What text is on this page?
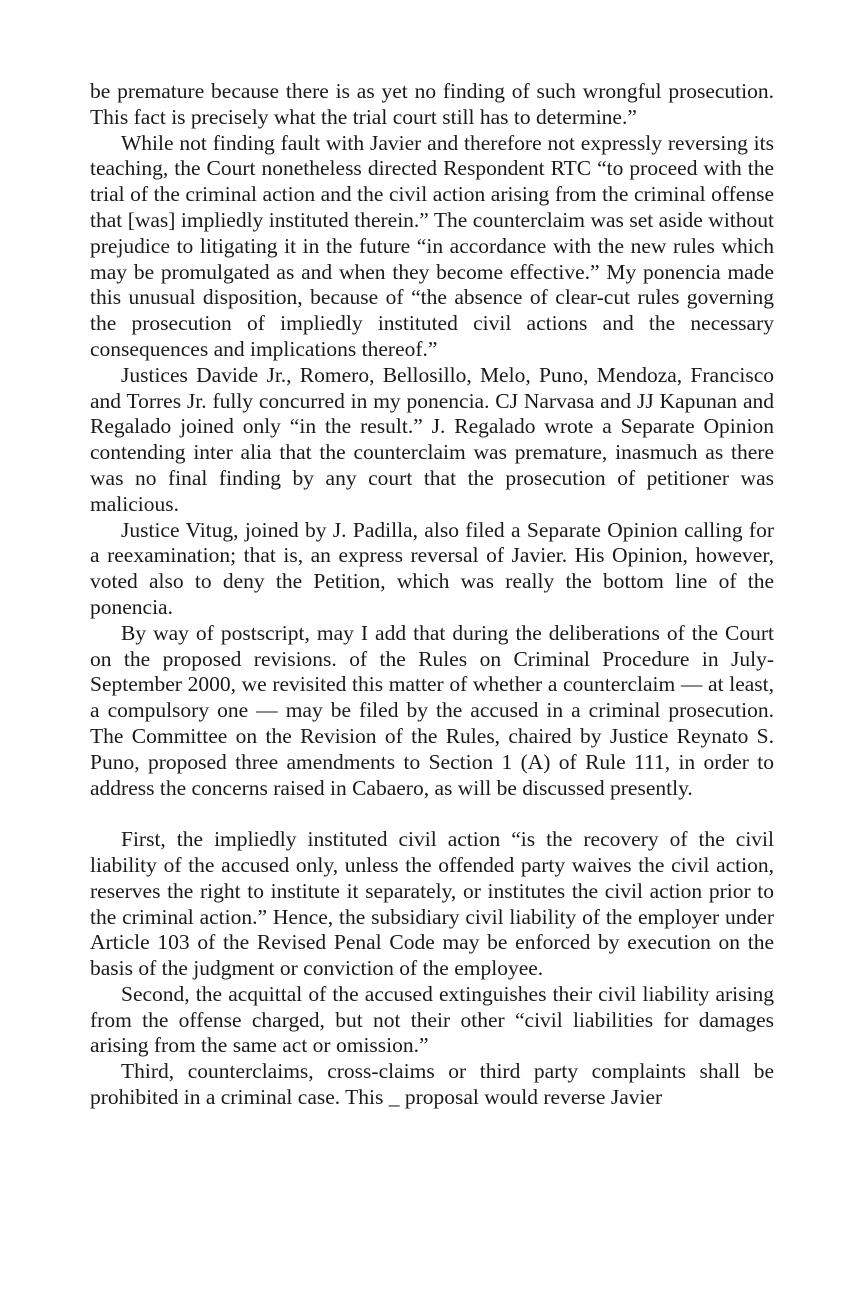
be premature because there is as yet no finding of such wrongful prosecution. This fact is precisely what the trial court still has to determine.”

While not finding fault with Javier and therefore not expressly reversing its teaching, the Court nonetheless directed Respondent RTC “to proceed with the trial of the criminal action and the civil action arising from the criminal offense that [was] impliedly instituted therein.” The counterclaim was set aside without prejudice to litigating it in the future “in accordance with the new rules which may be promulgated as and when they become effective.” My ponencia made this unusual disposition, because of “the absence of clear-cut rules governing the prosecution of impliedly instituted civil actions and the necessary consequences and implications thereof.”

Justices Davide Jr., Romero, Bellosillo, Melo, Puno, Mendoza, Francisco and Torres Jr. fully concurred in my ponencia. CJ Narvasa and JJ Kapunan and Regalado joined only “in the result.” J. Regalado wrote a Separate Opinion contending inter alia that the counterclaim was premature, inasmuch as there was no final finding by any court that the prosecution of petitioner was malicious.

Justice Vitug, joined by J. Padilla, also filed a Separate Opinion calling for a reexamination; that is, an express reversal of Javier. His Opinion, however, voted also to deny the Petition, which was really the bottom line of the ponencia.

By way of postscript, may I add that during the deliberations of the Court on the proposed revisions. of the Rules on Criminal Procedure in July-September 2000, we revisited this matter of whether a counterclaim — at least, a compulsory one — may be filed by the accused in a criminal prosecution. The Committee on the Revision of the Rules, chaired by Justice Reynato S. Puno, proposed three amendments to Section 1 (A) of Rule 111, in order to address the concerns raised in Cabaero, as will be discussed presently.

First, the impliedly instituted civil action “is the recovery of the civil liability of the accused only, unless the offended party waives the civil action, reserves the right to institute it separately, or institutes the civil action prior to the criminal action.” Hence, the subsidiary civil liability of the employer under Article 103 of the Revised Penal Code may be enforced by execution on the basis of the judgment or conviction of the employee.

Second, the acquittal of the accused extinguishes their civil liability arising from the offense charged, but not their other “civil liabilities for damages arising from the same act or omission.”

Third, counterclaims, cross-claims or third party complaints shall be prohibited in a criminal case. This _ proposal would reverse Javier
